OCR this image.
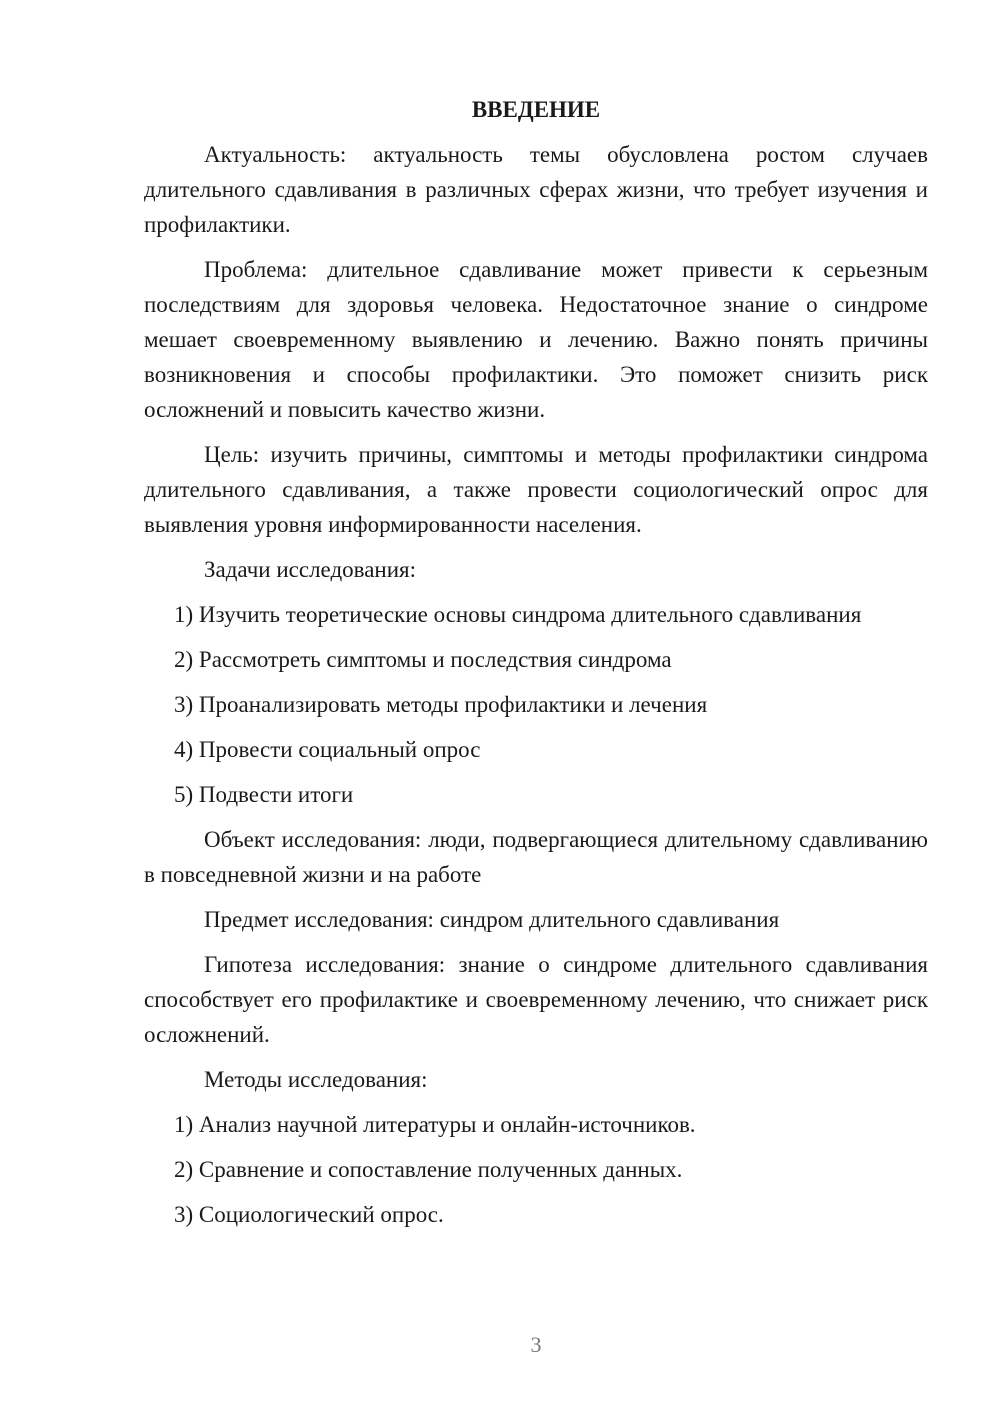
ВВЕДЕНИЕ

Актуальность: актуальность темы обусловлена ростом случаев длительного сдавливания в различных сферах жизни, что требует изучения и профилактики.

Проблема: длительное сдавливание может привести к серьезным последствиям для здоровья человека. Недостаточное знание о синдроме мешает своевременному выявлению и лечению. Важно понять причины возникновения и способы профилактики. Это поможет снизить риск осложнений и повысить качество жизни.

Цель: изучить причины, симптомы и методы профилактики синдрома длительного сдавливания, а также провести социологический опрос для выявления уровня информированности населения.

Задачи исследования:

1) Изучить теоретические основы синдрома длительного сдавливания

2) Рассмотреть симптомы и последствия синдрома

3) Проанализировать методы профилактики и лечения

4) Провести социальный опрос

5) Подвести итоги

Объект исследования: люди, подвергающиеся длительному сдавливанию в повседневной жизни и на работе

Предмет исследования: синдром длительного сдавливания

Гипотеза исследования: знание о синдроме длительного сдавливания способствует его профилактике и своевременному лечению, что снижает риск осложнений.

Методы исследования:

1) Анализ научной литературы и онлайн-источников.

2) Сравнение и сопоставление полученных данных.

3) Социологический опрос.

3
